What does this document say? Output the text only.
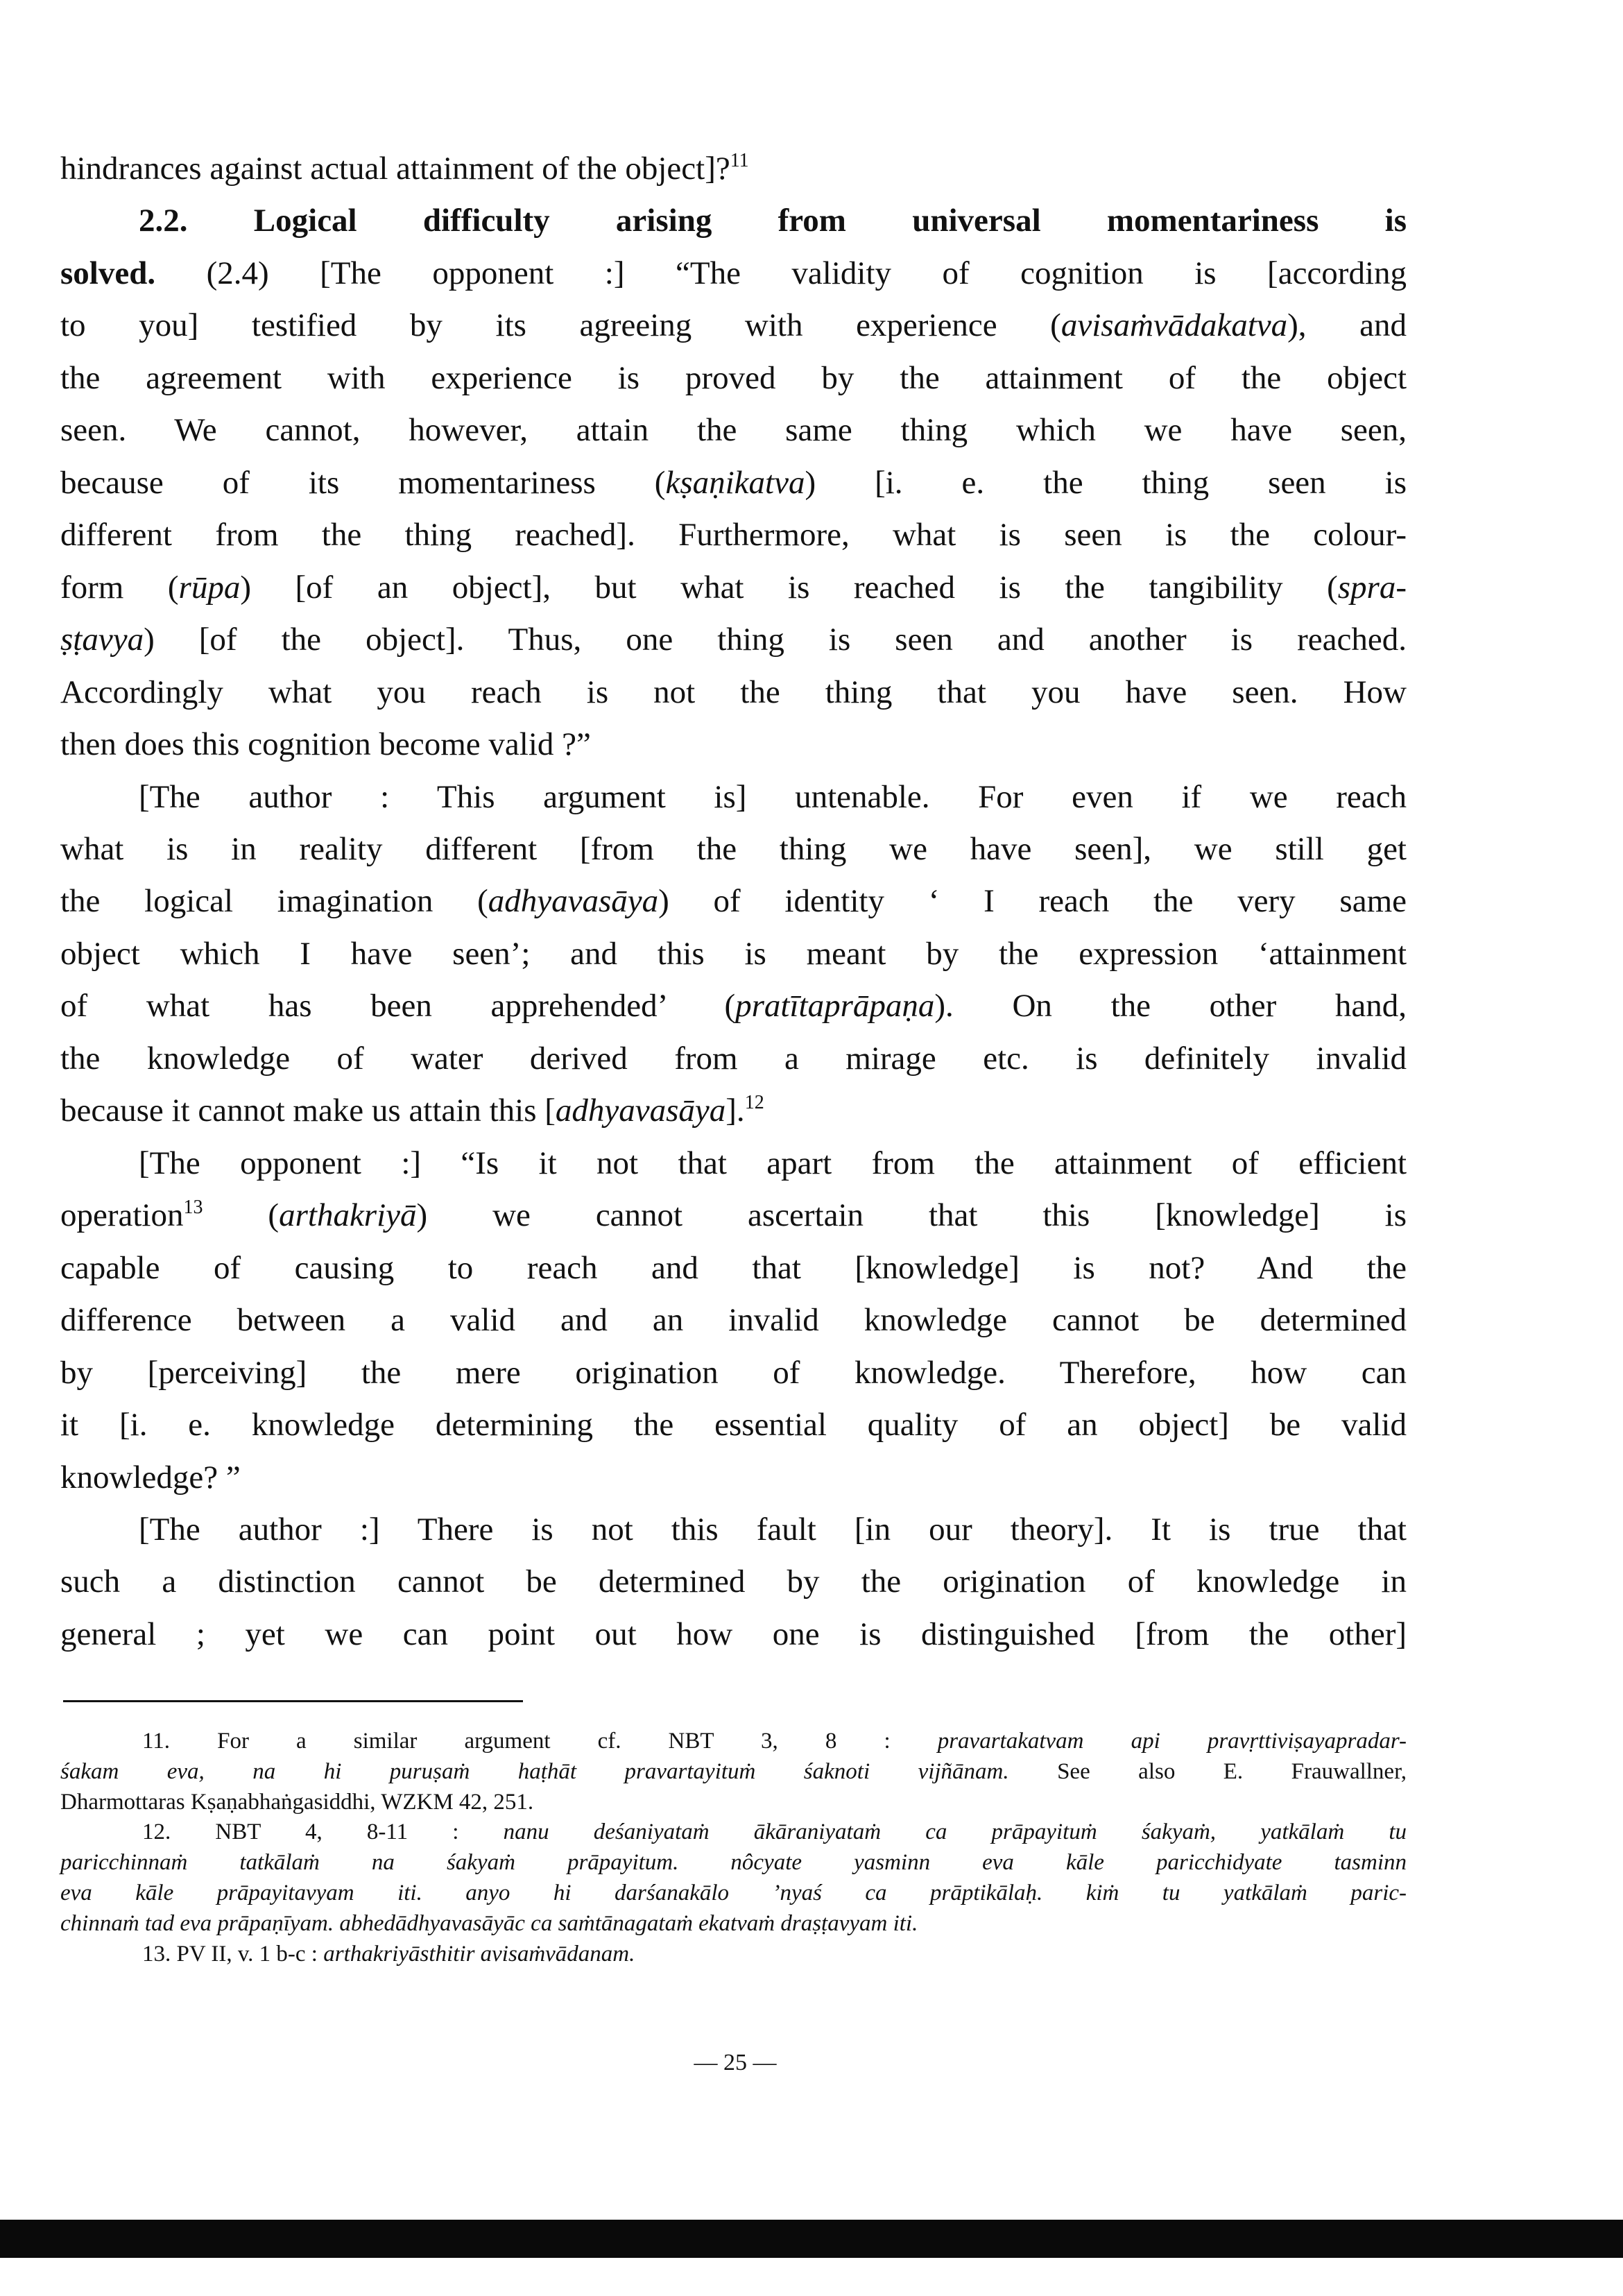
hindrances against actual attainment of the object]?$^{11}$
2.2. Logical difficulty arising from universal momentariness is
solved. (2.4) [The opponent :] “The validity of cognition is [according
to you] testified by its agreeing with experience (avisaṁvādakatva), and
the agreement with experience is proved by the attainment of the object
seen. We cannot, however, attain the same thing which we have seen,
because of its momentariness (kṣaṇikatva) [i. e. the thing seen is
different from the thing reached]. Furthermore, what is seen is the colour-
form (rūpa) [of an object], but what is reached is the tangibility (spra-
ṣṭavya) [of the object]. Thus, one thing is seen and another is reached.
Accordingly what you reach is not the thing that you have seen. How
then does this cognition become valid ?”
[The author : This argument is] untenable. For even if we reach
what is in reality different [from the thing we have seen], we still get
the logical imagination (adhyavasāya) of identity ‘ I reach the very same
object which I have seen’; and this is meant by the expression ‘attainment
of what has been apprehended’ (pratītaprāpaṇa). On the other hand,
the knowledge of water derived from a mirage etc. is definitely invalid
because it cannot make us attain this [adhyavasāya].$^{12}$
[The opponent :] “Is it not that apart from the attainment of efficient
operation$^{13}$ (arthakriyā) we cannot ascertain that this [knowledge] is
capable of causing to reach and that [knowledge] is not? And the
difference between a valid and an invalid knowledge cannot be determined
by [perceiving] the mere origination of knowledge. Therefore, how can
it [i. e. knowledge determining the essential quality of an object] be valid
knowledge? ”
[The author :] There is not this fault [in our theory]. It is true that
such a distinction cannot be determined by the origination of knowledge in
general ; yet we can point out how one is distinguished [from the other]
11. For a similar argument cf. NBT 3, 8 : pravartakatvam api pravṛttiviṣayapradar-
śakam eva, na hi puruṣaṁ haṭhāt pravartayituṁ śaknoti vijñānam. See also E. Frauwallner,
Dharmottaras Kṣaṇabhaṅgasiddhi, WZKM 42, 251.
12. NBT 4, 8-11 : nanu deśaniyataṁ ākāraniyataṁ ca prāpayituṁ śakyaṁ, yatkālaṁ tu
paricchinnaṁ tatkālaṁ na śakyaṁ prāpayitum. nôcyate yasminn eva kāle paricchidyate tasminn
eva kāle prāpayitavyam iti. anyo hi darśanakālo ’nyaś ca prāptikālaḥ. kiṁ tu yatkālaṁ paric-
chinnaṁ tad eva prāpaṇīyam. abhedādhyavasāyāc ca saṁtānagataṁ ekatvaṁ draṣṭavyam iti.
13. PV II, v. 1 b-c : arthakriyāsthitir avisaṁvādanam.
— 25 —
